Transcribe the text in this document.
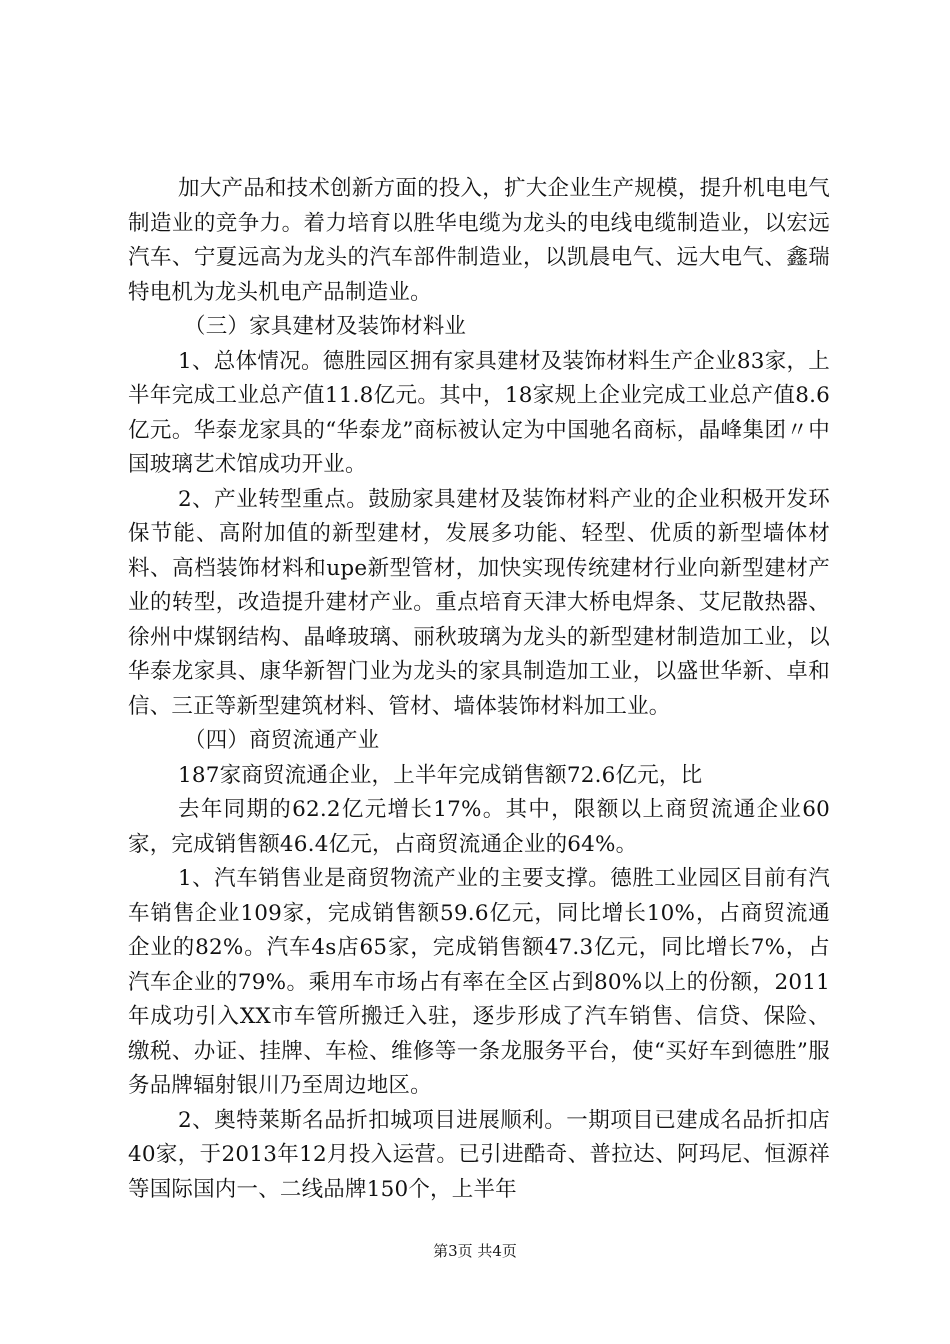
加大产品和技术创新方面的投入，扩大企业生产规模，提升机电电气制造业的竞争力。着力培育以胜华电缆为龙头的电线电缆制造业，以宏远汽车、宁夏远高为龙头的汽车部件制造业，以凯晨电气、远大电气、鑫瑞特电机为龙头机电产品制造业。

（三）家具建材及装饰材料业

1、总体情况。德胜园区拥有家具建材及装饰材料生产企业83家，上半年完成工业总产值11.8亿元。其中，18家规上企业完成工业总产值8.6亿元。华泰龙家具的“华泰龙”商标被认定为中国驰名商标，晶峰集团〃中国玻璃艺术馆成功开业。

2、产业转型重点。鼓励家具建材及装饰材料产业的企业积极开发环保节能、高附加值的新型建材，发展多功能、轻型、优质的新型墙体材料、高档装饰材料和upe新型管材，加快实现传统建材行业向新型建材产业的转型，改造提升建材产业。重点培育天津大桥电焊条、艾尼散热器、徐州中煤钢结构、晶峰玻璃、丽秋玻璃为龙头的新型建材制造加工业，以华泰龙家具、康华新智门业为龙头的家具制造加工业，以盛世华新、卓和信、三正等新型建筑材料、管材、墙体装饰材料加工业。

（四）商贸流通产业

187家商贸流通企业，上半年完成销售额72.6亿元，比

去年同期的62.2亿元增长17%。其中，限额以上商贸流通企业60家，完成销售额46.4亿元，占商贸流通企业的64%。

1、汽车销售业是商贸物流产业的主要支撑。德胜工业园区目前有汽车销售企业109家，完成销售额59.6亿元，同比增长10%，占商贸流通企业的82%。汽车4s店65家，完成销售额47.3亿元，同比增长7%，占汽车企业的79%。乘用车市场占有率在全区占到80%以上的份额，2011年成功引入XX市车管所搬迁入驻，逐步形成了汽车销售、信贷、保险、缴税、办证、挂牌、车检、维修等一条龙服务平台，使“买好车到德胜”服务品牌辐射银川乃至周边地区。

2、奥特莱斯名品折扣城项目进展顺利。一期项目已建成名品折扣店40家，于2013年12月投入运营。已引进酷奇、普拉达、阿玛尼、恒源祥等国际国内一、二线品牌150个，上半年

第3页 共4页
